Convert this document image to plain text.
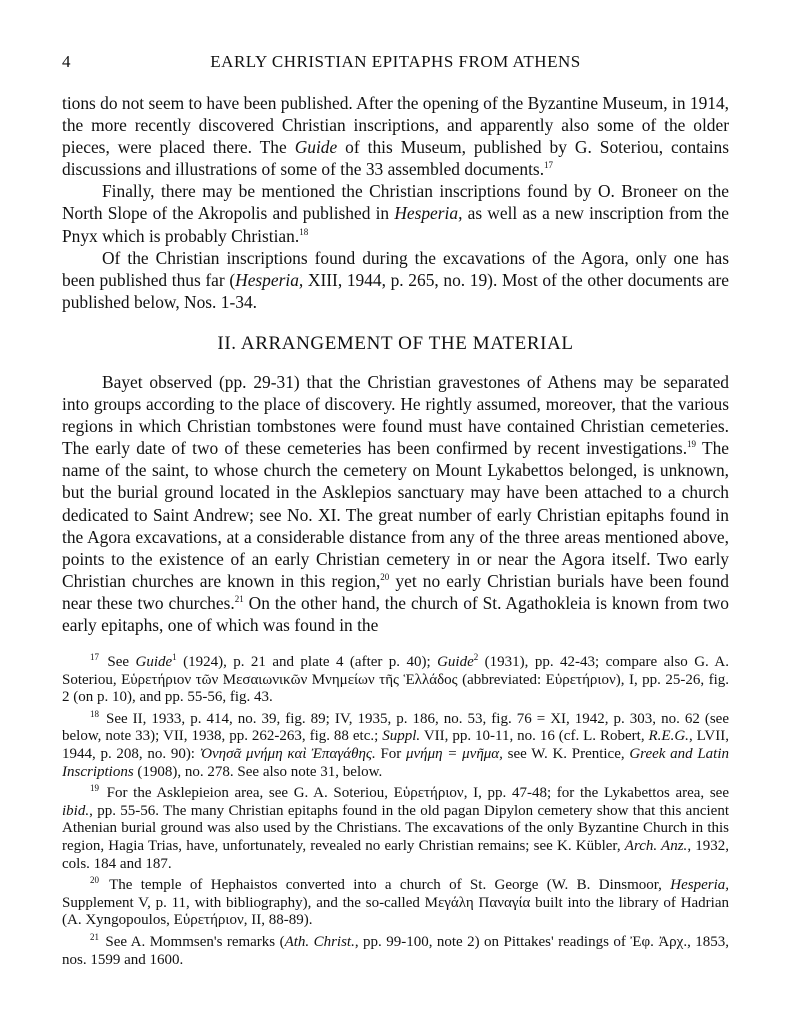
4	EARLY CHRISTIAN EPITAPHS FROM ATHENS

tions do not seem to have been published. After the opening of the Byzantine Museum, in 1914, the more recently discovered Christian inscriptions, and apparently also some of the older pieces, were placed there. The Guide of this Museum, published by G. Soteriou, contains discussions and illustrations of some of the 33 assembled documents.$^{17}$

Finally, there may be mentioned the Christian inscriptions found by O. Broneer on the North Slope of the Akropolis and published in Hesperia, as well as a new inscription from the Pnyx which is probably Christian.$^{18}$

Of the Christian inscriptions found during the excavations of the Agora, only one has been published thus far (Hesperia, XIII, 1944, p. 265, no. 19). Most of the other documents are published below, Nos. 1-34.

II. ARRANGEMENT OF THE MATERIAL

Bayet observed (pp. 29-31) that the Christian gravestones of Athens may be separated into groups according to the place of discovery. He rightly assumed, moreover, that the various regions in which Christian tombstones were found must have contained Christian cemeteries. The early date of two of these cemeteries has been confirmed by recent investigations.$^{19}$ The name of the saint, to whose church the cemetery on Mount Lykabettos belonged, is unknown, but the burial ground located in the Asklepios sanctuary may have been attached to a church dedicated to Saint Andrew; see No. XI. The great number of early Christian epitaphs found in the Agora excavations, at a considerable distance from any of the three areas mentioned above, points to the existence of an early Christian cemetery in or near the Agora itself. Two early Christian churches are known in this region,$^{20}$ yet no early Christian burials have been found near these two churches.$^{21}$ On the other hand, the church of St. Agathokleia is known from two early epitaphs, one of which was found in the

$^{17}$ See Guide$^1$ (1924), p. 21 and plate 4 (after p. 40); Guide$^2$ (1931), pp. 42-43; compare also G. A. Soteriou, Εὑρετήριον τῶν Μεσαιωνικῶν Μνημείων τῆς Ἑλλάδος (abbreviated: Εὑρετήριον), I, pp. 25-26, fig. 2 (on p. 10), and pp. 55-56, fig. 43.

$^{18}$ See II, 1933, p. 414, no. 39, fig. 89; IV, 1935, p. 186, no. 53, fig. 76 = XI, 1942, p. 303, no. 62 (see below, note 33); VII, 1938, pp. 262-263, fig. 88 etc.; Suppl. VII, pp. 10-11, no. 16 (cf. L. Robert, R.E.G., LVII, 1944, p. 208, no. 90): Ὀνησᾶ μνήμη καὶ Ἐπαγάθης. For μνήμη = μνῆμα, see W. K. Prentice, Greek and Latin Inscriptions (1908), no. 278. See also note 31, below.

$^{19}$ For the Asklepieion area, see G. A. Soteriou, Εὑρετήριον, I, pp. 47-48; for the Lykabettos area, see ibid., pp. 55-56. The many Christian epitaphs found in the old pagan Dipylon cemetery show that this ancient Athenian burial ground was also used by the Christians. The excavations of the only Byzantine Church in this region, Hagia Trias, have, unfortunately, revealed no early Christian remains; see K. Kübler, Arch. Anz., 1932, cols. 184 and 187.

$^{20}$ The temple of Hephaistos converted into a church of St. George (W. B. Dinsmoor, Hesperia, Supplement V, p. 11, with bibliography), and the so-called Μεγάλη Παναγία built into the library of Hadrian (A. Xyngopoulos, Εὑρετήριον, II, 88-89).

$^{21}$ See A. Mommsen's remarks (Ath. Christ., pp. 99-100, note 2) on Pittakes' readings of Ἐφ. Ἀρχ., 1853, nos. 1599 and 1600.
